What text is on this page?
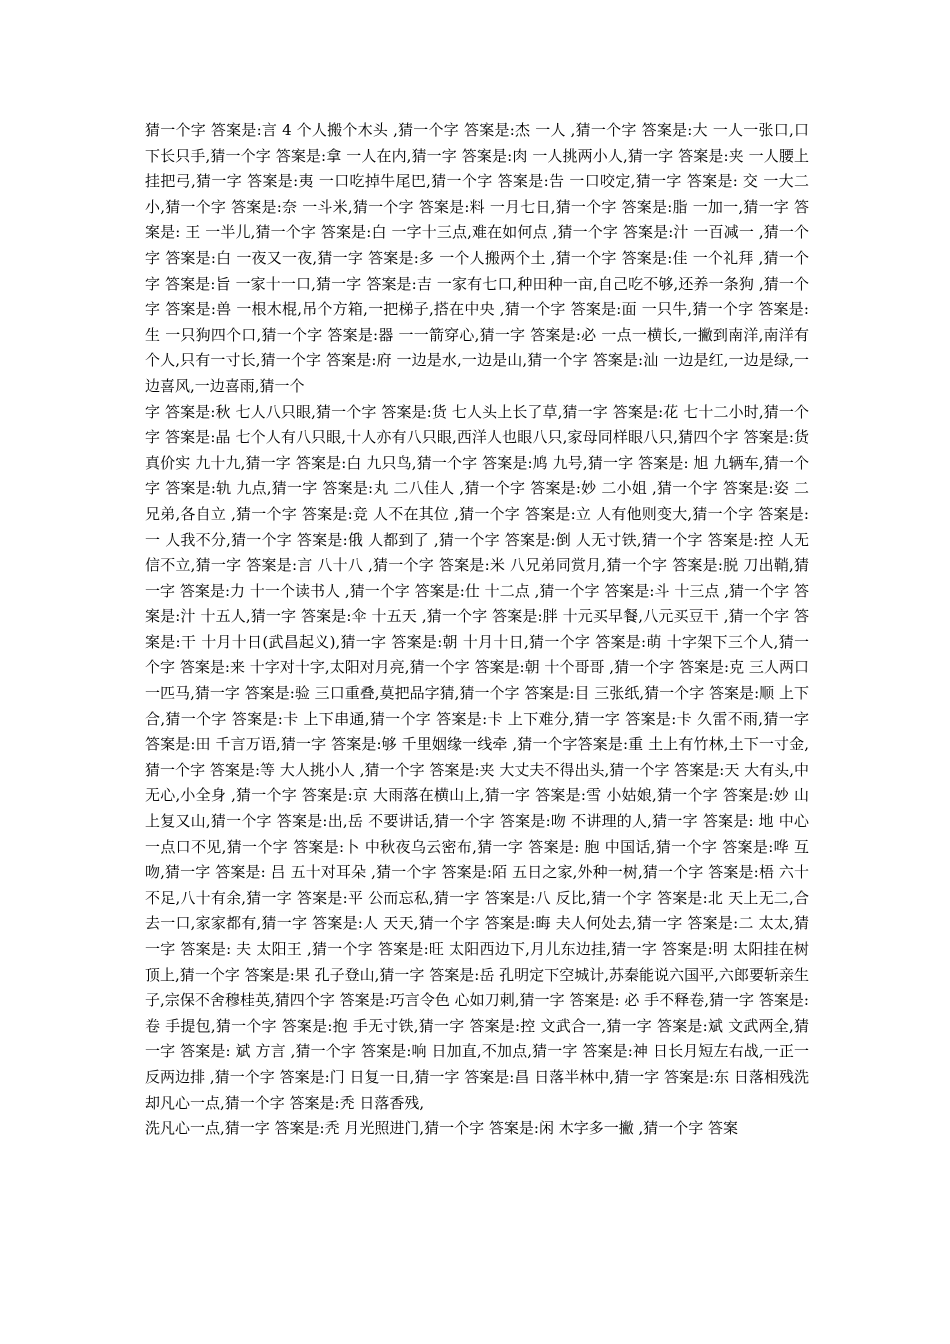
猜一个字 答案是:言 4 个人搬个木头 ,猜一个字 答案是:杰 一人 ,猜一个字 答案是:大 一人一张口,口下长只手,猜一个字 答案是:拿 一人在内,猜一字 答案是:肉 一人挑两小人,猜一字 答案是:夹 一人腰上挂把弓,猜一字 答案是:夷 一口吃掉牛尾巴,猜一个字 答案是:告 一口咬定,猜一字 答案是: 交 一大二小,猜一个字 答案是:奈 一斗米,猜一个字 答案是:料 一月七日,猜一个字 答案是:脂 一加一,猜一字 答案是: 王 一半儿,猜一个字 答案是:白 一字十三点,难在如何点 ,猜一个字 答案是:汁 一百减一 ,猜一个字 答案是:白 一夜又一夜,猜一字 答案是:多 一个人搬两个土 ,猜一个字 答案是:佳 一个礼拜 ,猜一个字 答案是:旨 一家十一口,猜一字 答案是:吉 一家有七口,种田种一亩,自己吃不够,还养一条狗 ,猜一个字 答案是:兽 一根木棍,吊个方箱,一把梯子,搭在中央 ,猜一个字 答案是:面 一只牛,猜一个字 答案是:生 一只狗四个口,猜一个字 答案是:器 一一箭穿心,猜一字 答案是:必 一点一横长,一撇到南洋,南洋有个人,只有一寸长,猜一个字 答案是:府 一边是水,一边是山,猜一个字 答案是:汕 一边是红,一边是绿,一边喜风,一边喜雨,猜一个

字 答案是:秋 七人八只眼,猜一个字 答案是:货 七人头上长了草,猜一字 答案是:花 七十二小时,猜一个字 答案是:晶 七个人有八只眼,十人亦有八只眼,西洋人也眼八只,家母同样眼八只,猜四个字 答案是:货真价实 九十九,猜一字 答案是:白 九只鸟,猜一个字 答案是:鸠 九号,猜一字 答案是: 旭 九辆车,猜一个字 答案是:轨 九点,猜一字 答案是:丸 二八佳人 ,猜一个字 答案是:妙 二小姐 ,猜一个字 答案是:姿 二兄弟,各自立 ,猜一个字 答案是:竞 人不在其位 ,猜一个字 答案是:立 人有他则变大,猜一个字 答案是:一 人我不分,猜一个字 答案是:俄 人都到了 ,猜一个字 答案是:倒 人无寸铁,猜一个字 答案是:控 人无信不立,猜一字 答案是:言 八十八 ,猜一个字 答案是:米 八兄弟同赏月,猜一个字 答案是:脱 刀出鞘,猜一字 答案是:力 十一个读书人 ,猜一个字 答案是:仕 十二点 ,猜一个字 答案是:斗 十三点 ,猜一个字 答案是:汁 十五人,猜一字 答案是:伞 十五天 ,猜一个字 答案是:胖 十元买早餐,八元买豆干 ,猜一个字 答案是:干 十月十日(武昌起义),猜一字 答案是:朝 十月十日,猜一个字 答案是:萌 十字架下三个人,猜一个字 答案是:来 十字对十字,太阳对月亮,猜一个字 答案是:朝 十个哥哥 ,猜一个字 答案是:克 三人两口一匹马,猜一字 答案是:验 三口重叠,莫把品字猜,猜一个字 答案是:目 三张纸,猜一个字 答案是:顺 上下合,猜一个字 答案是:卡 上下串通,猜一个字 答案是:卡 上下难分,猜一字 答案是:卡 久雷不雨,猜一字 答案是:田 千言万语,猜一字 答案是:够 千里姻缘一线牵 ,猜一个字答案是:重 土上有竹林,土下一寸金,猜一个字 答案是:等 大人挑小人 ,猜一个字 答案是:夹 大丈夫不得出头,猜一个字 答案是:天 大有头,中无心,小全身 ,猜一个字 答案是:京 大雨落在横山上,猜一字 答案是:雪 小姑娘,猜一个字 答案是:妙 山上复又山,猜一个字 答案是:出,岳 不要讲话,猜一个字 答案是:吻 不讲理的人,猜一字 答案是: 地 中心一点口不见,猜一个字 答案是:卜 中秋夜乌云密布,猜一字 答案是: 胞 中国话,猜一个字 答案是:哗 互吻,猜一字 答案是: 吕 五十对耳朵 ,猜一个字 答案是:陌 五日之家,外种一树,猜一个字 答案是:梧 六十不足,八十有余,猜一字 答案是:平 公而忘私,猜一字 答案是:八 反比,猜一个字 答案是:北 天上无二,合去一口,家家都有,猜一字 答案是:人 天天,猜一个字 答案是:晦 夫人何处去,猜一字 答案是:二 太太,猜一字 答案是: 夫 太阳王 ,猜一个字 答案是:旺 太阳西边下,月儿东边挂,猜一字 答案是:明 太阳挂在树顶上,猜一个字 答案是:果 孔子登山,猜一字 答案是:岳 孔明定下空城计,苏秦能说六国平,六郎要斩亲生子,宗保不舍穆桂英,猜四个字 答案是:巧言令色 心如刀刺,猜一字 答案是: 必 手不释卷,猜一字 答案是: 卷 手提包,猜一个字 答案是:抱 手无寸铁,猜一字 答案是:控 文武合一,猜一字 答案是:斌 文武两全,猜一字 答案是: 斌 方言 ,猜一个字 答案是:响 日加直,不加点,猜一字 答案是:神 日长月短左右战,一正一反两边排 ,猜一个字 答案是:门 日复一日,猜一字 答案是:昌 日落半林中,猜一字 答案是:东 日落相残洗却凡心一点,猜一个字 答案是:秃 日落香残,

洗凡心一点,猜一字 答案是:秃 月光照进门,猜一个字 答案是:闲 木字多一撇 ,猜一个字 答案
